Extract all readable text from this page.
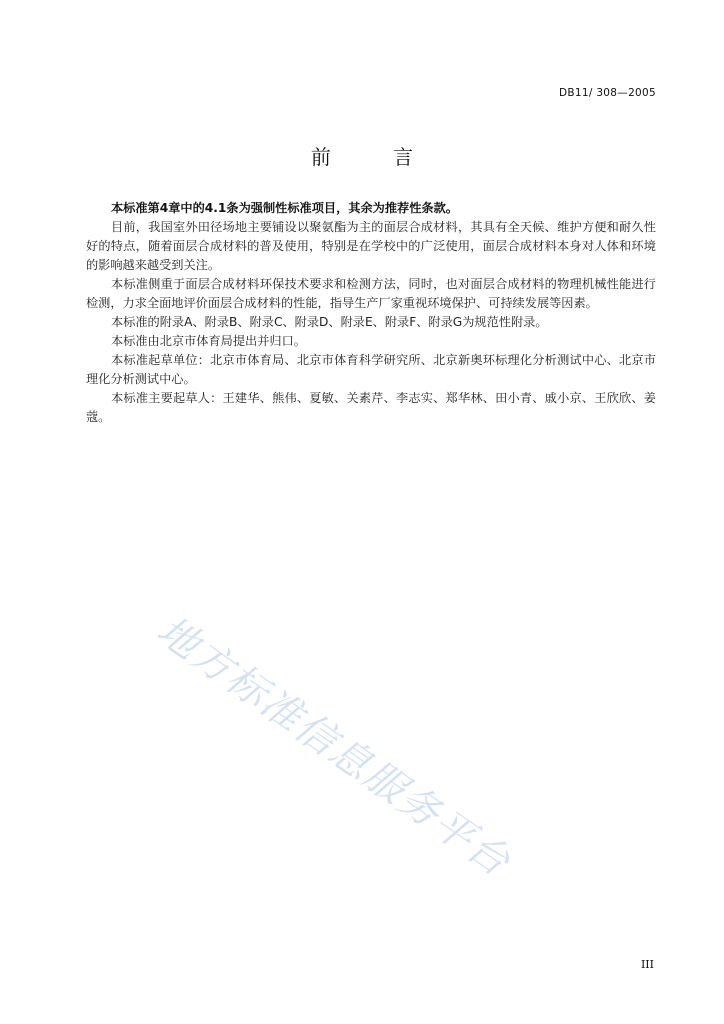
DB11/ 308—2005
前 言

本标准第4章中的4.1条为强制性标准项目，其余为推荐性条款。

目前，我国室外田径场地主要铺设以聚氨酯为主的面层合成材料，其具有全天候、维护方便和耐久性好的特点，随着面层合成材料的普及使用，特别是在学校中的广泛使用，面层合成材料本身对人体和环境的影响越来越受到关注。

本标准侧重于面层合成材料环保技术要求和检测方法，同时，也对面层合成材料的物理机械性能进行检测，力求全面地评价面层合成材料的性能，指导生产厂家重视环境保护、可持续发展等因素。

本标准的附录A、附录B、附录C、附录D、附录E、附录F、附录G为规范性附录。

本标准由北京市体育局提出并归口。

本标准起草单位：北京市体育局、北京市体育科学研究所、北京新奥环标理化分析测试中心、北京市理化分析测试中心。

本标准主要起草人：王建华、熊伟、夏敏、关素芹、李志实、郑华林、田小青、戚小京、王欣欣、姜蔻。

地方标准信息服务平台
III
